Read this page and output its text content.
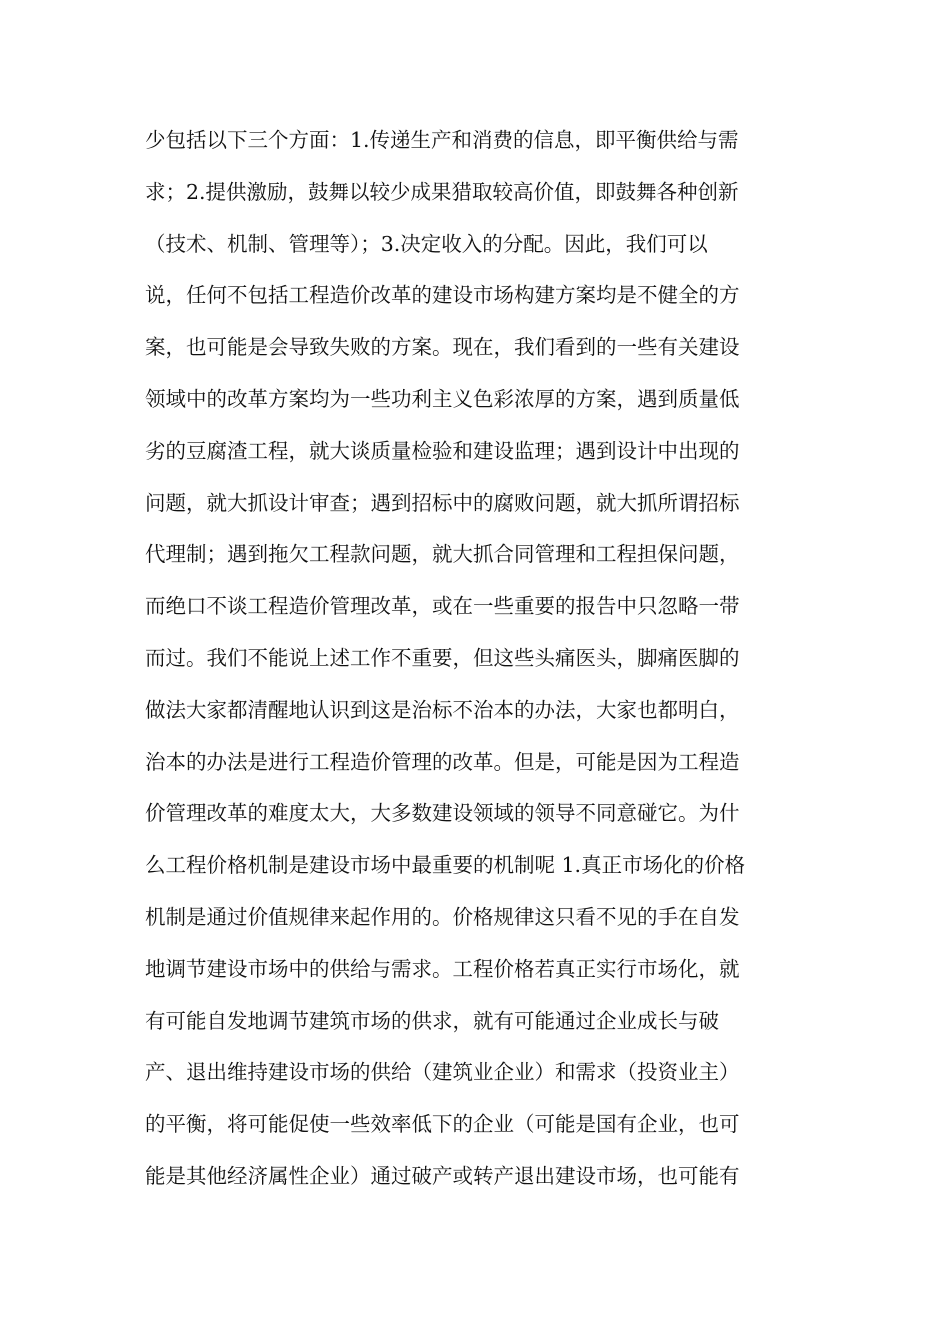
少包括以下三个方面：1.传递生产和消费的信息，即平衡供给与需
求；2.提供激励，鼓舞以较少成果猎取较高价值，即鼓舞各种创新
（技术、机制、管理等）；3.决定收入的分配。因此，我们可以
说，任何不包括工程造价改革的建设市场构建方案均是不健全的方
案，也可能是会导致失败的方案。现在，我们看到的一些有关建设
领域中的改革方案均为一些功利主义色彩浓厚的方案，遇到质量低
劣的豆腐渣工程，就大谈质量检验和建设监理；遇到设计中出现的
问题，就大抓设计审查；遇到招标中的腐败问题，就大抓所谓招标
代理制；遇到拖欠工程款问题，就大抓合同管理和工程担保问题，
而绝口不谈工程造价管理改革，或在一些重要的报告中只忽略一带
而过。我们不能说上述工作不重要，但这些头痛医头，脚痛医脚的
做法大家都清醒地认识到这是治标不治本的办法，大家也都明白，
治本的办法是进行工程造价管理的改革。但是，可能是因为工程造
价管理改革的难度太大，大多数建设领域的领导不同意碰它。为什
么工程价格机制是建设市场中最重要的机制呢 1.真正市场化的价格
机制是通过价值规律来起作用的。价格规律这只看不见的手在自发
地调节建设市场中的供给与需求。工程价格若真正实行市场化，就
有可能自发地调节建筑市场的供求，就有可能通过企业成长与破
产、退出维持建设市场的供给（建筑业企业）和需求（投资业主）
的平衡，将可能促使一些效率低下的企业（可能是国有企业，也可
能是其他经济属性企业）通过破产或转产退出建设市场，也可能有
